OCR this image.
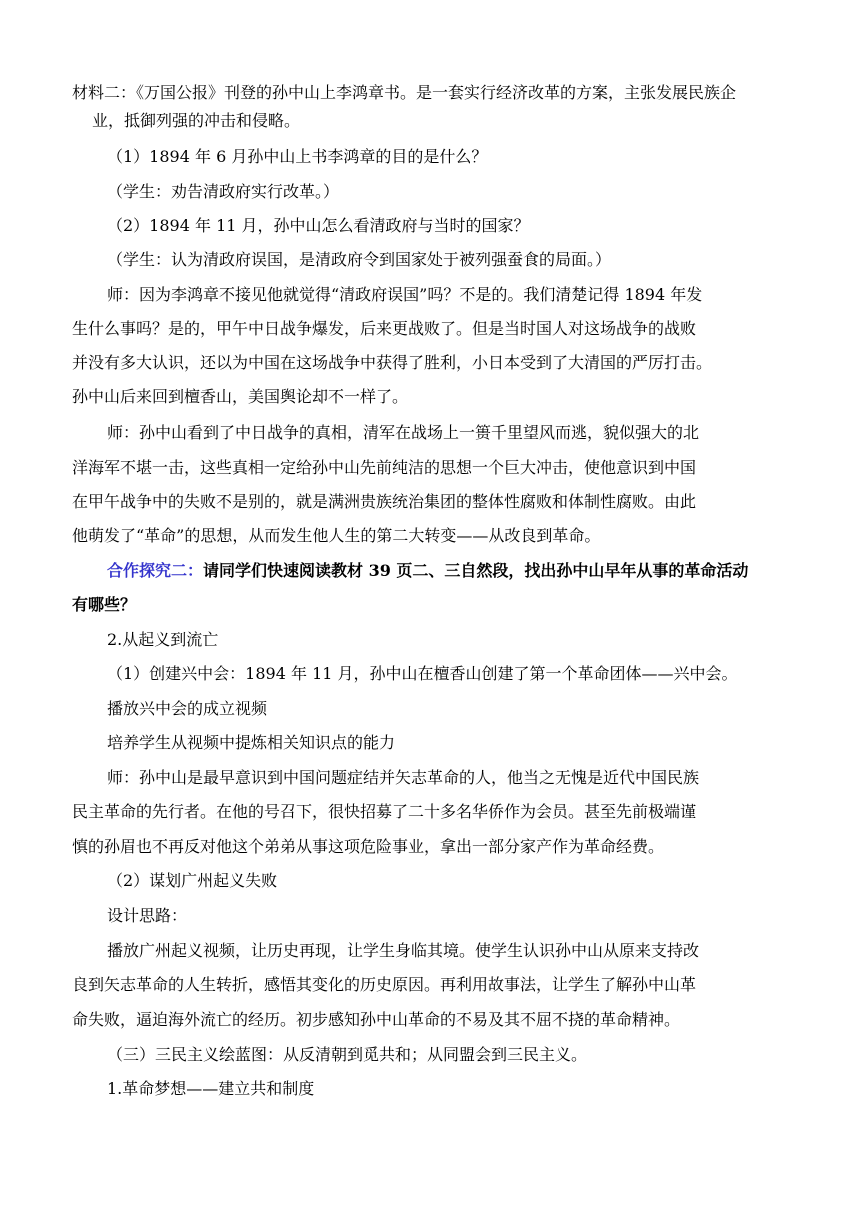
材料二：《万国公报》刊登的孙中山上李鸿章书。是一套实行经济改革的方案，主张发展民族企
业，抵御列强的冲击和侵略。
（1）1894 年 6 月孙中山上书李鸿章的目的是什么？
（学生：劝告清政府实行改革。）
（2）1894 年 11 月，孙中山怎么看清政府与当时的国家？
（学生：认为清政府误国，是清政府令到国家处于被列强蚕食的局面。）
师：因为李鸿章不接见他就觉得“清政府误国”吗？不是的。我们清楚记得 1894 年发
生什么事吗？是的，甲午中日战争爆发，后来更战败了。但是当时国人对这场战争的战败
并没有多大认识，还以为中国在这场战争中获得了胜利，小日本受到了大清国的严厉打击。
孙中山后来回到檀香山，美国舆论却不一样了。
师：孙中山看到了中日战争的真相，清军在战场上一篑千里望风而逃，貌似强大的北
洋海军不堪一击，这些真相一定给孙中山先前纯洁的思想一个巨大冲击，使他意识到中国
在甲午战争中的失败不是别的，就是满洲贵族统治集团的整体性腐败和体制性腐败。由此
他萌发了“革命”的思想，从而发生他人生的第二大转变——从改良到革命。
合作探究二：请同学们快速阅读教材 39 页二、三自然段，找出孙中山早年从事的革命活动
有哪些？
2.从起义到流亡
（1）创建兴中会：1894 年 11 月，孙中山在檀香山创建了第一个革命团体——兴中会。
播放兴中会的成立视频
培养学生从视频中提炼相关知识点的能力
师：孙中山是最早意识到中国问题症结并矢志革命的人，他当之无愧是近代中国民族
民主革命的先行者。在他的号召下，很快招募了二十多名华侨作为会员。甚至先前极端谨
慎的孙眉也不再反对他这个弟弟从事这项危险事业，拿出一部分家产作为革命经费。
（2）谋划广州起义失败
设计思路：
播放广州起义视频，让历史再现，让学生身临其境。使学生认识孙中山从原来支持改
良到矢志革命的人生转折，感悟其变化的历史原因。再利用故事法，让学生了解孙中山革
命失败，逼迫海外流亡的经历。初步感知孙中山革命的不易及其不屈不挠的革命精神。
（三）三民主义绘蓝图：从反清朝到觅共和；从同盟会到三民主义。
1.革命梦想——建立共和制度
